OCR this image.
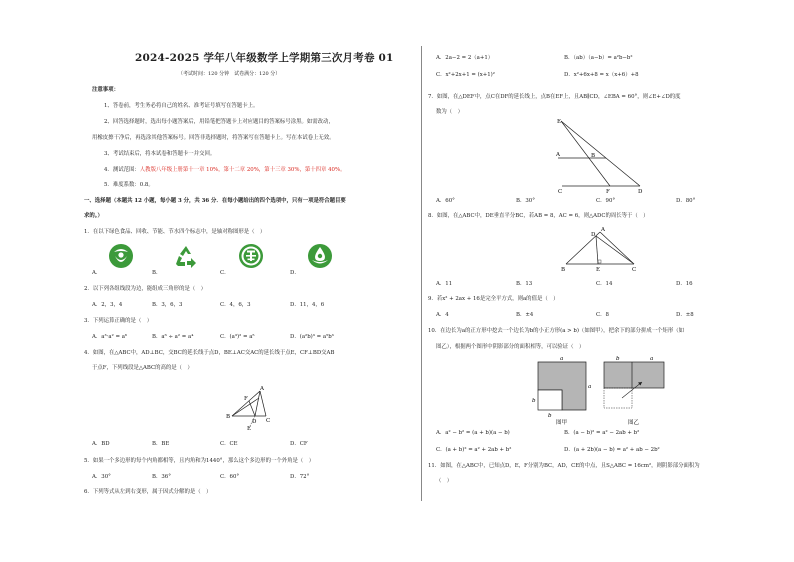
2024-2025 学年八年级数学上学期第三次月考卷 01
（考试时间：120 分钟　试卷满分：120 分）
注意事项：
1、答卷前，考生务必将自己的姓名、准考证号填写在答题卡上。
2、回答选择题时，选出每小题答案后，用铅笔把答题卡上对应题目的答案标号涂黑。如需改动，
用橡皮擦干净后，再选涂其他答案标号。回答非选择题时，将答案写在答题卡上。写在本试卷上无效。
3、考试结束后，将本试卷和答题卡一并交回。
4．测试范围：人教版八年级上册第十一章 10%，第十二章 20%，第十三章 30%，第十四章 40%。
5．难度系数：0.8。
一、选择题（本题共 12 小题，每小题 3 分，共 36 分．在每小题给出的四个选项中，只有一项是符合题目要
求的。）
1．在以下绿色食品、回收、节能、节水四个标志中，是轴对称图形是（　）
A．	B．	C．	D．
2．以下列各组线段为边，能组成三角形的是（　）
A．2，3，4	B．3，6，3	C．4，6，3	D．11，4，6
3．下列运算正确的是（　）
A．a³·a² = a⁶	B．a⁶ ÷ a² = a⁴	C．(a³)² = a⁵	D．(a²b)³ = a⁵b³
4．如图，在△ABC中，AD⊥BC，交BC的延长线于点D，BE⊥AC交AC的延长线于点E，CF⊥BD交AB
于点F，下列线段是△ABC的高的是（　）
A
B
C
D
E
F
A．BD	B．BE	C．CE	D．CF
5．如果一个多边形的每个内角都相等，且内角和为1440°，那么这个多边形的一个外角是（　）
A．30°	B．36°	C．60°	D．72°
6．下列等式从左到右变形，属于因式分解的是（　）
A．2a−2 = 2（a+1）	B．（ab）（a−b）= a²b−b²
C．x²+2x+1 = (x+1)²	D．x²+6x+8 = x（x+6）+8
7．如图，在△DEF中，点C在DF的延长线上，点B在EF上，且AB∥CD，∠EBA = 60°，则∠E+∠D的度
数为（　）
E
A	B
C	F	D
A．60°	B．30°	C．90°	D．80°
8．如图，在△ABC中，DE垂直平分BC，若AB = 8，AC = 6，则△ADC的周长等于（　）
A
D
B	E	C
A．11	B．13	C．14	D．16
9．若x² + 2ax + 16是完全平方式，则a的值是（　）
A．4	B．±4	C．8	D．±8
10．在边长为a的正方形中挖去一个边长为b的小正方形(a > b)（如图甲），把余下的部分拼成一个矩形（如
图乙），根据两个图形中阴影部分的面积相等，可以验证（　）
a
a
b
b
图甲
a
b
图乙
A．a² − b² = (a + b)(a − b)	B．(a − b)² = a² − 2ab + b²
C．(a + b)² = a² + 2ab + b²	D．(a + 2b)(a − b) = a² + ab − 2b²
11．如图，在△ABC中，已知点D，E，F分别为BC，AD，CE的中点，且S△ABC = 16cm²，则阴影部分面积为
（　）
